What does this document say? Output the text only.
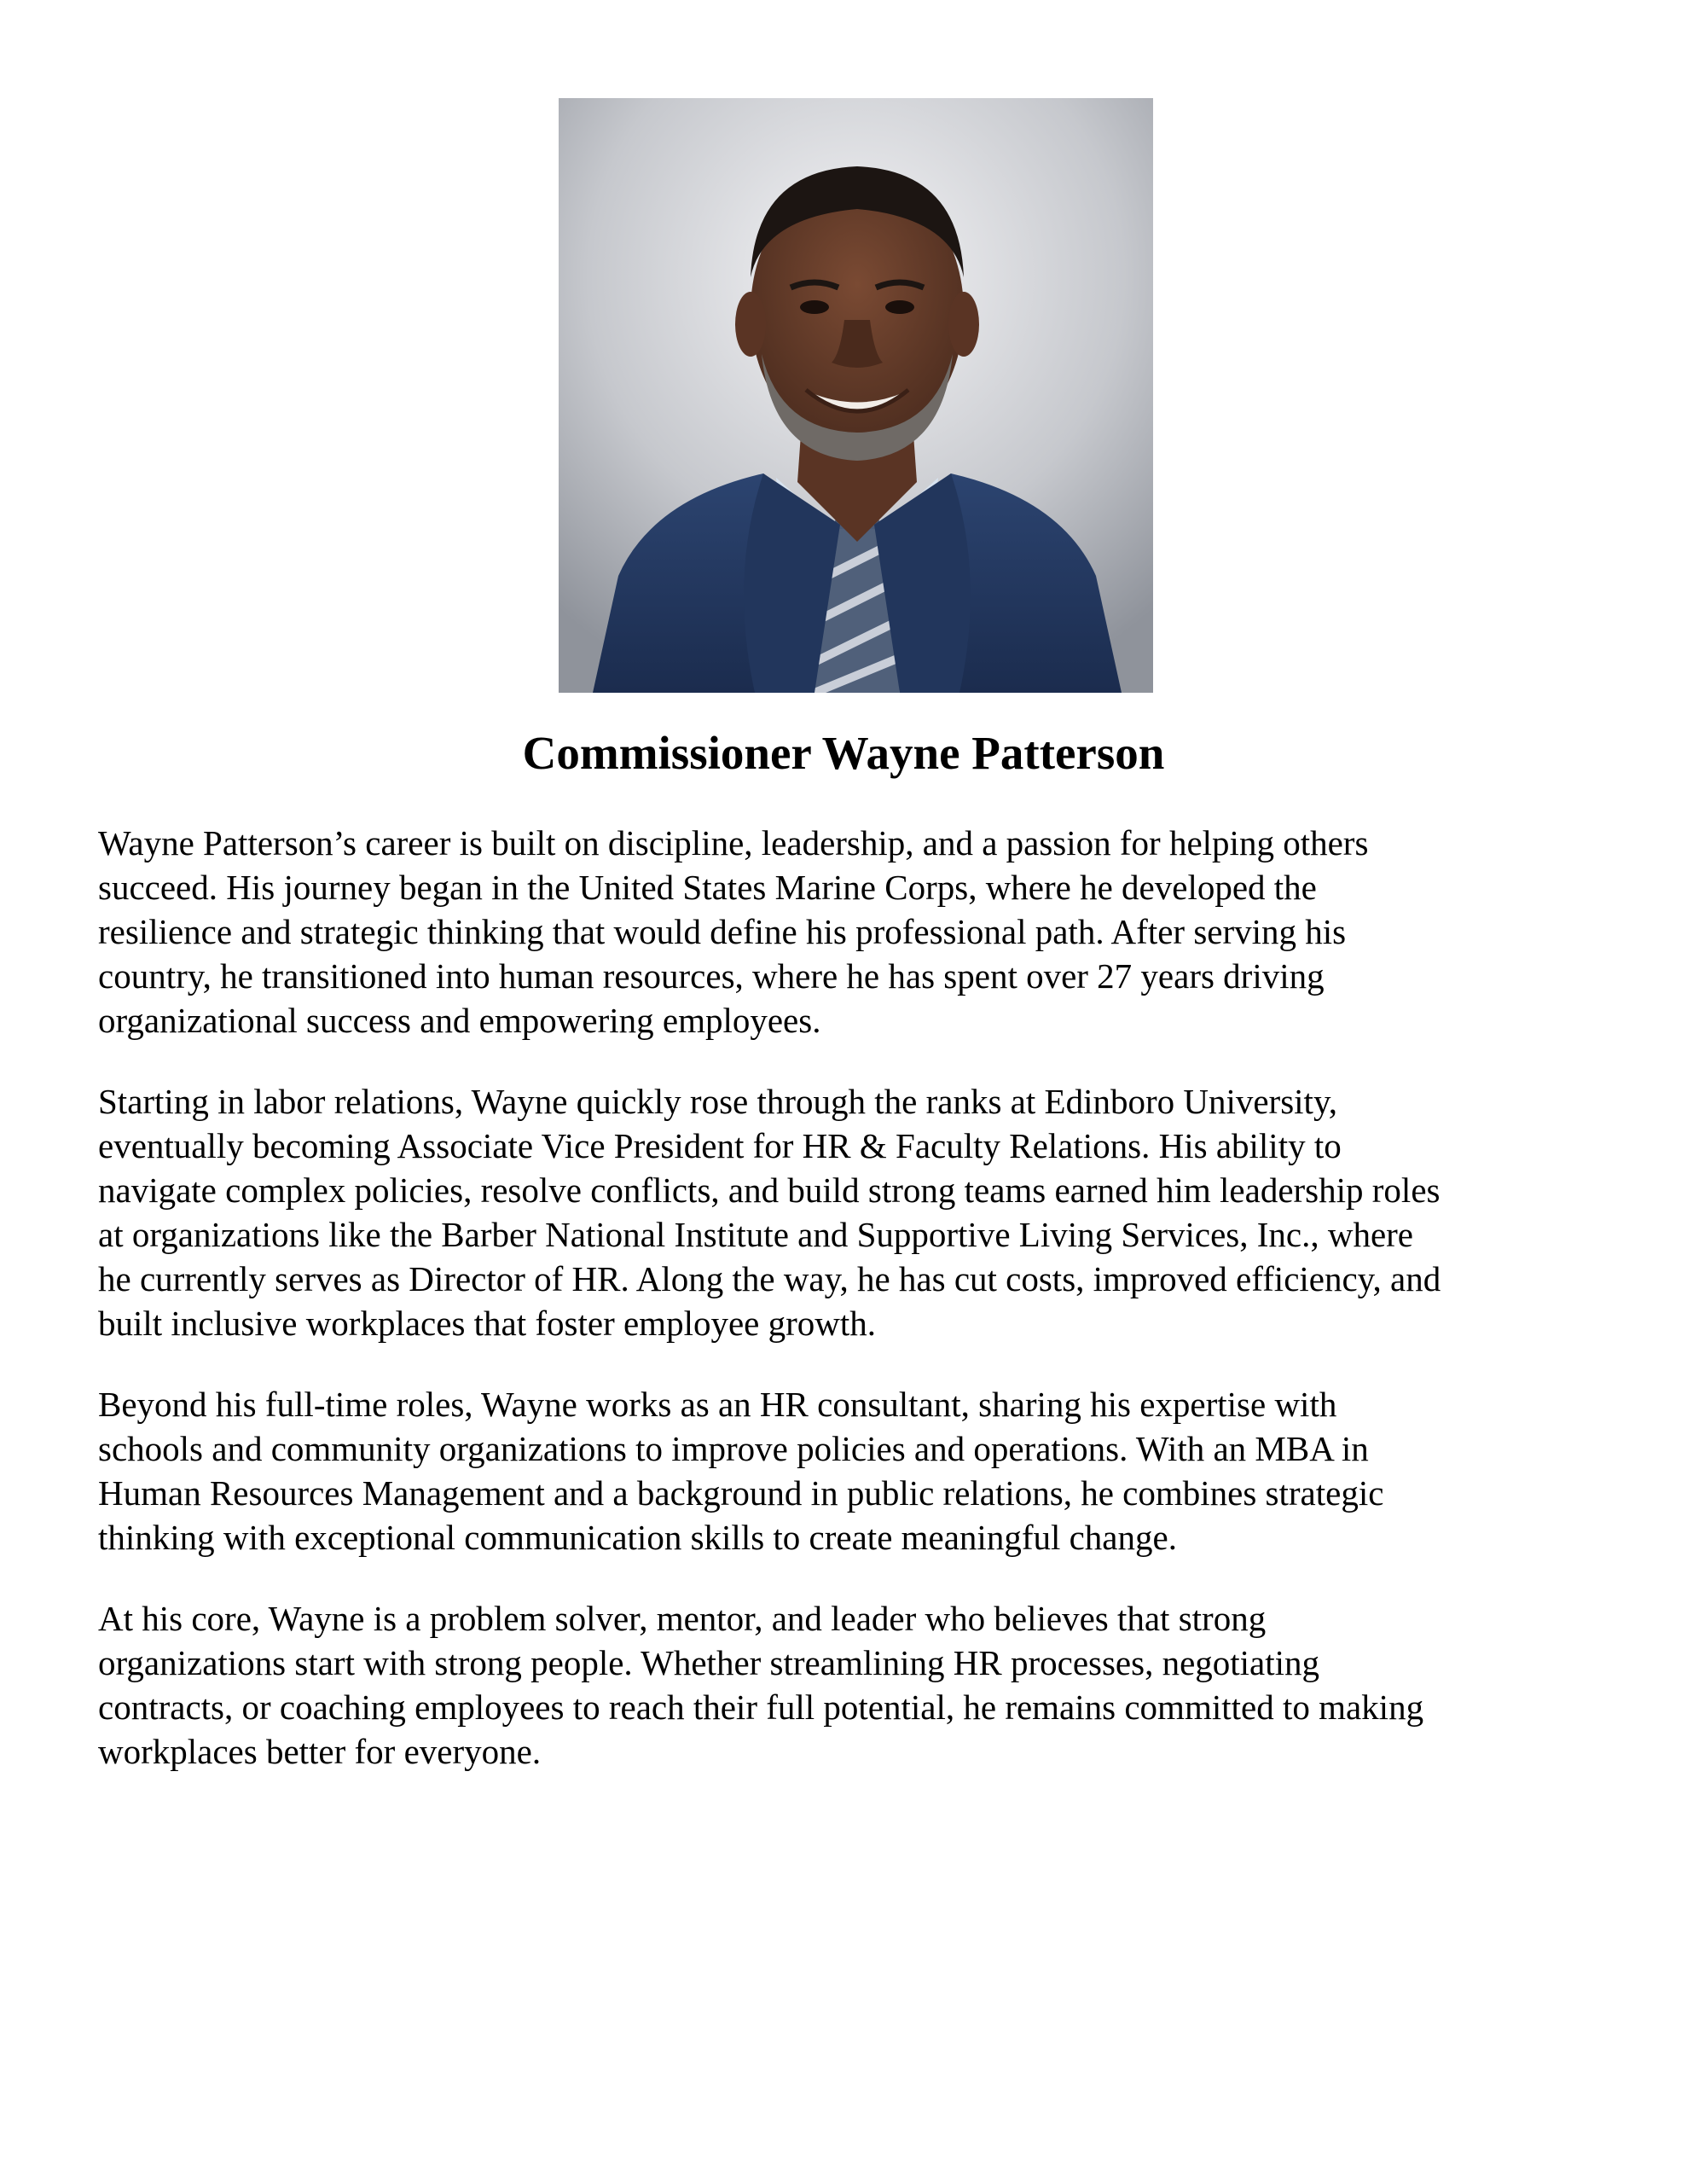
Commissioner Wayne Patterson

Wayne Patterson’s career is built on discipline, leadership, and a passion for helping others
succeed. His journey began in the United States Marine Corps, where he developed the
resilience and strategic thinking that would define his professional path. After serving his
country, he transitioned into human resources, where he has spent over 27 years driving
organizational success and empowering employees.

Starting in labor relations, Wayne quickly rose through the ranks at Edinboro University,
eventually becoming Associate Vice President for HR & Faculty Relations. His ability to
navigate complex policies, resolve conflicts, and build strong teams earned him leadership roles
at organizations like the Barber National Institute and Supportive Living Services, Inc., where
he currently serves as Director of HR. Along the way, he has cut costs, improved efficiency, and
built inclusive workplaces that foster employee growth.

Beyond his full-time roles, Wayne works as an HR consultant, sharing his expertise with
schools and community organizations to improve policies and operations. With an MBA in
Human Resources Management and a background in public relations, he combines strategic
thinking with exceptional communication skills to create meaningful change.

At his core, Wayne is a problem solver, mentor, and leader who believes that strong
organizations start with strong people. Whether streamlining HR processes, negotiating
contracts, or coaching employees to reach their full potential, he remains committed to making
workplaces better for everyone.
